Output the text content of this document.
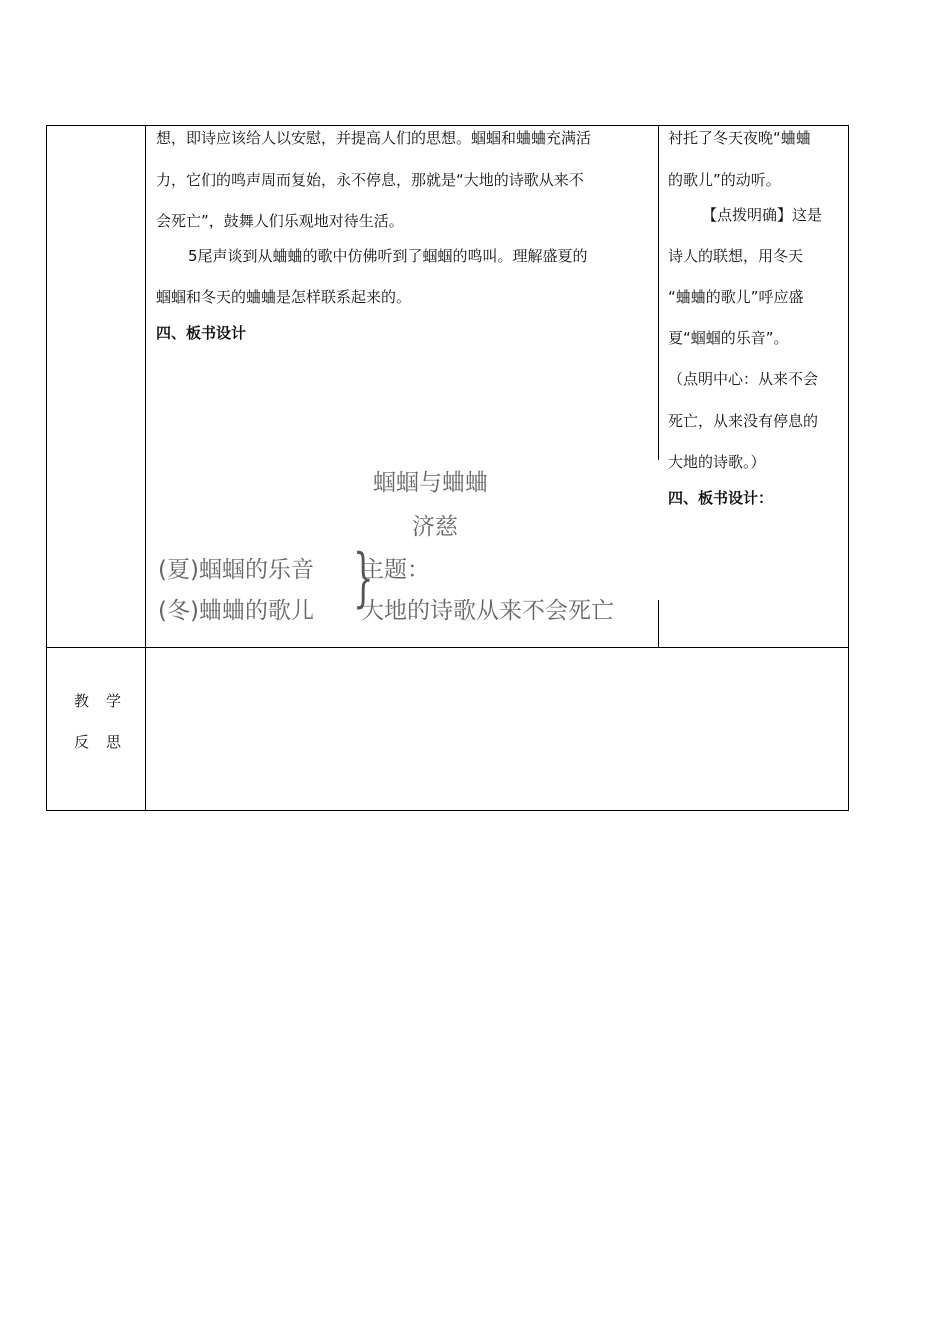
想，即诗应该给人以安慰，并提高人们的思想。蝈蝈和蛐蛐充满活
力，它们的鸣声周而复始，永不停息，那就是“大地的诗歌从来不
会死亡”，鼓舞人们乐观地对待生活。
5尾声谈到从蛐蛐的歌中仿佛听到了蝈蝈的鸣叫。理解盛夏的
蝈蝈和冬天的蛐蛐是怎样联系起来的。
四、板书设计
蝈蝈与蛐蛐
济慈
(夏)蝈蝈的乐音
(冬)蛐蛐的歌儿 }
主题：
大地的诗歌从来不会死亡
衬托了冬天夜晚“蛐蛐
的歌儿”的动听。
【点拨明确】这是
诗人的联想，用冬天
“蛐蛐的歌儿”呼应盛
夏“蝈蝈的乐音”。
（点明中心：从来不会
死亡，从来没有停息的
大地的诗歌。）
四、板书设计：
教 学
反 思
